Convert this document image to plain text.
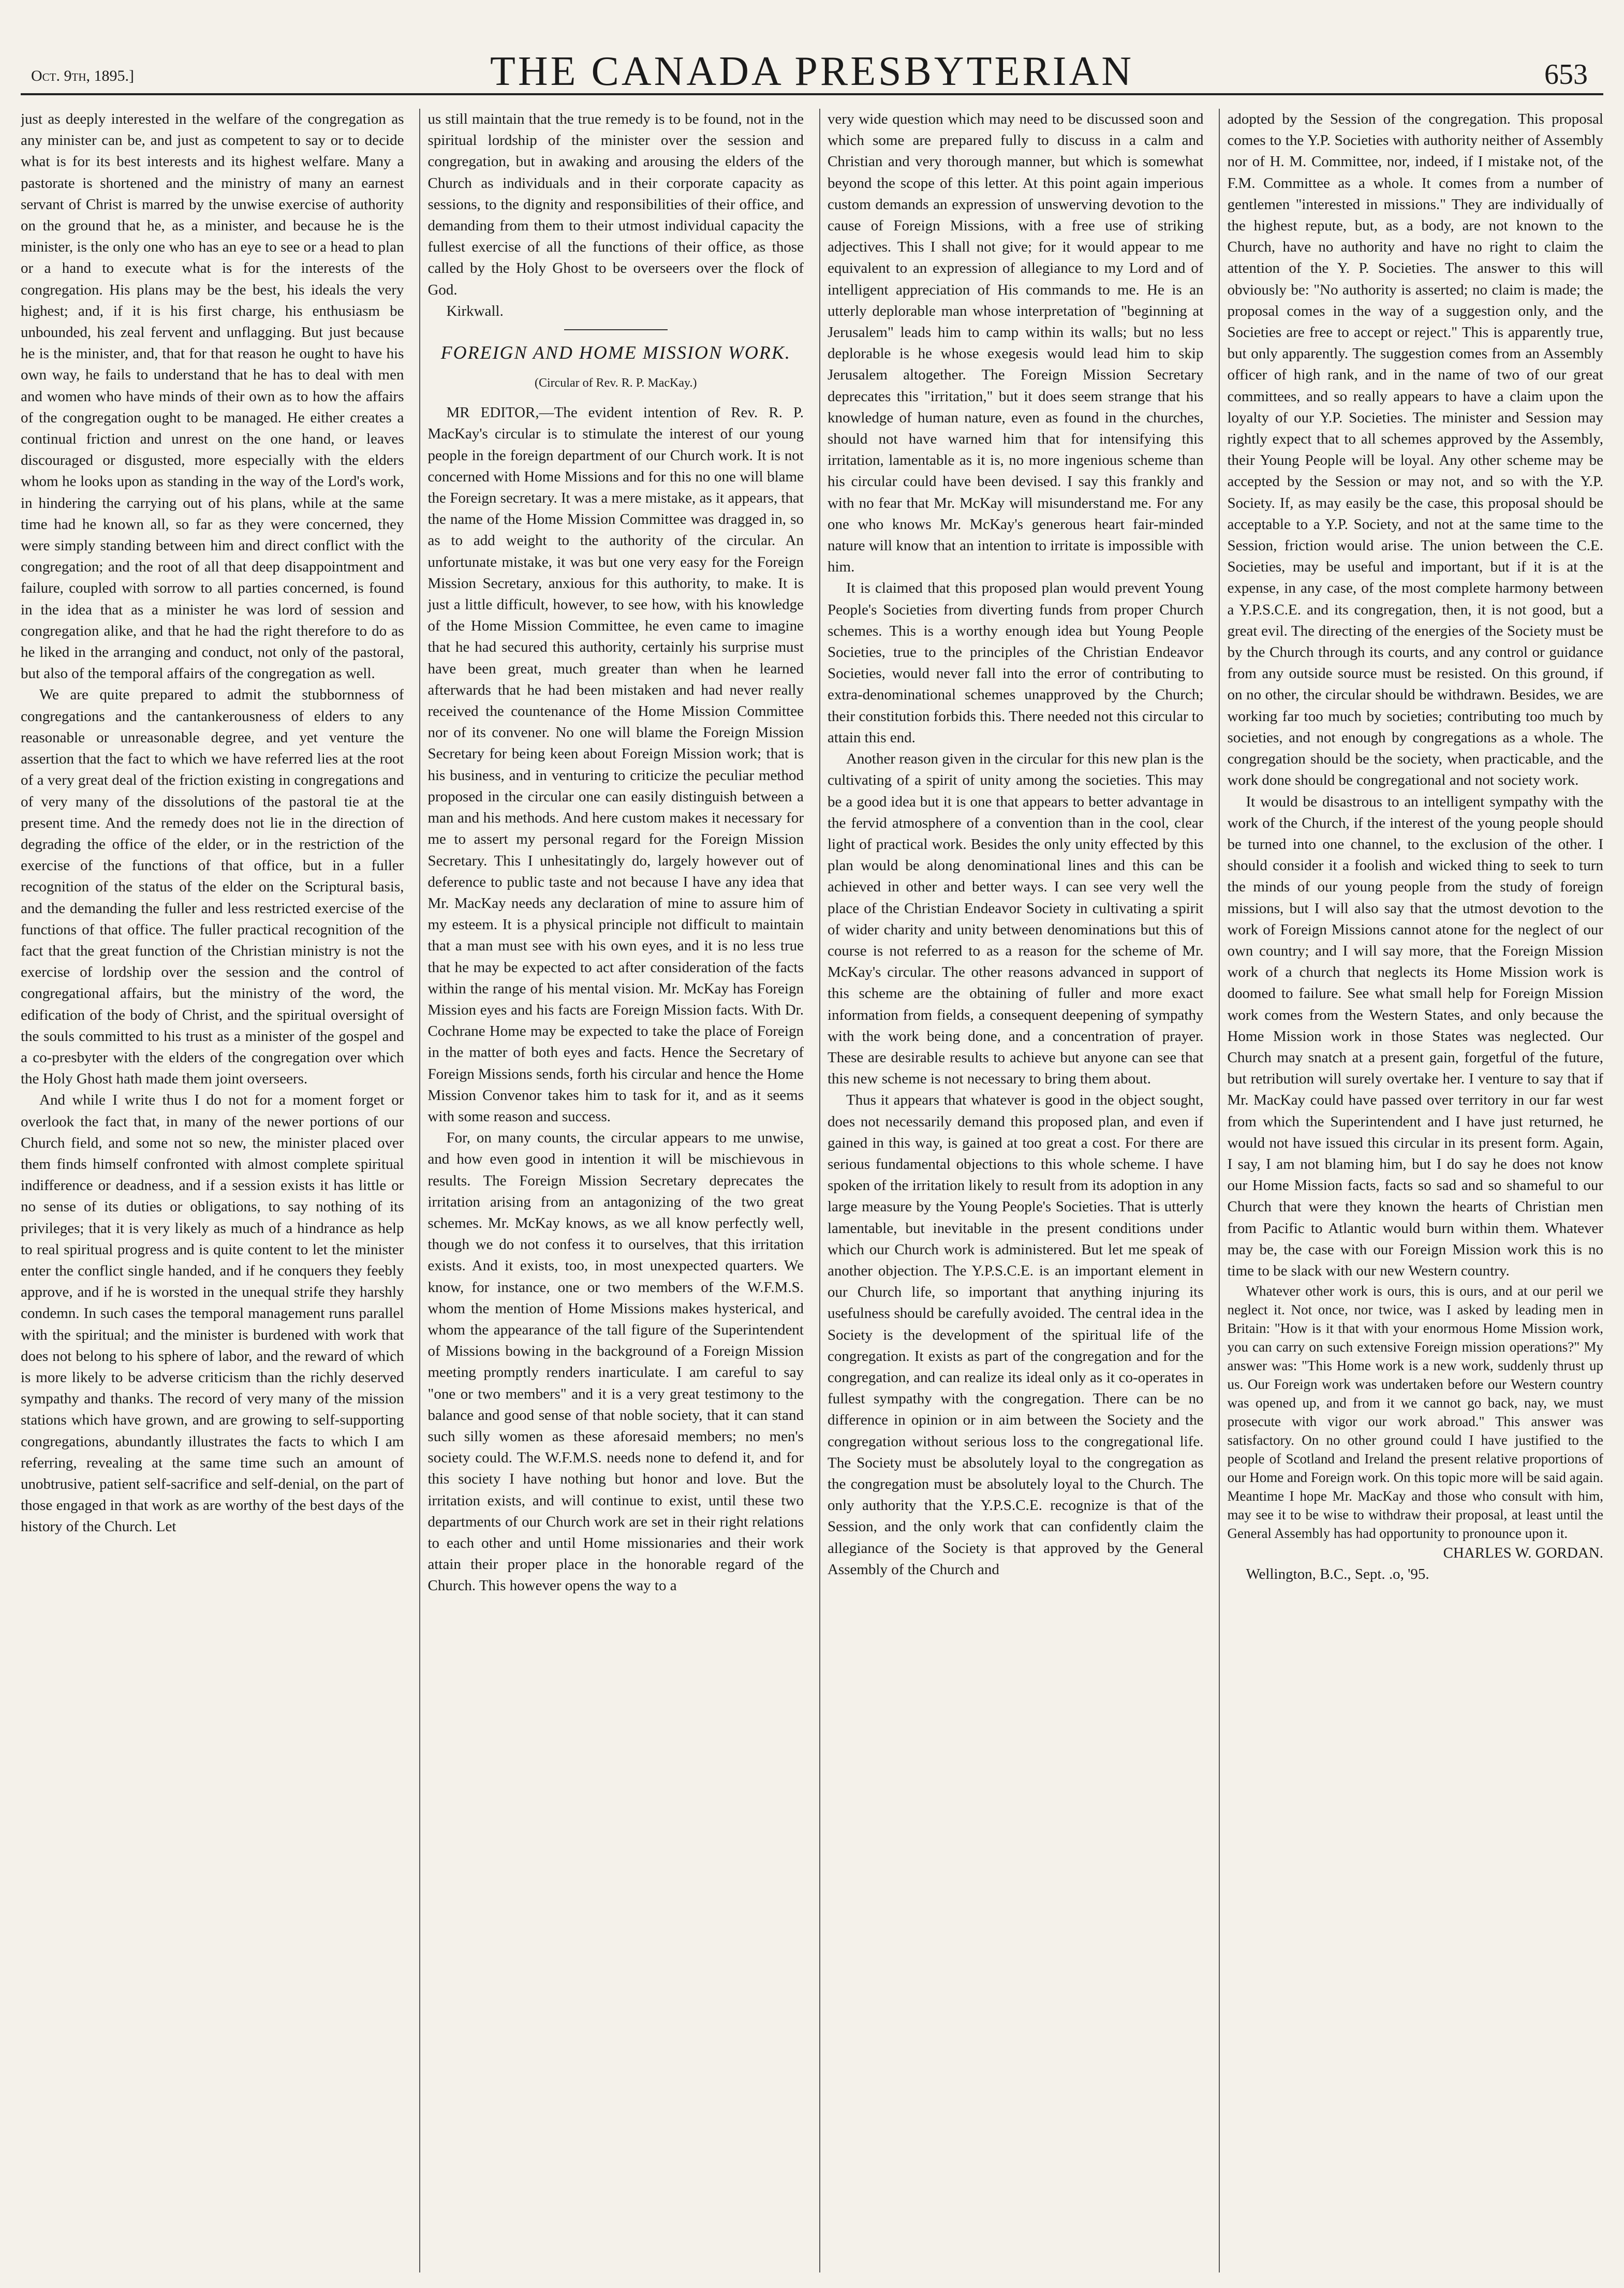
Oct. 9th, 1895.]	THE CANADA PRESBYTERIAN	653

just as deeply interested in the welfare of the congregation as any minister can be, and just as competent to say or to decide what is for its best interests and its highest welfare. Many a pastorate is shortened and the ministry of many an earnest servant of Christ is marred by the unwise exercise of authority on the ground that he, as a minister, and because he is the minister, is the only one who has an eye to see or a head to plan or a hand to execute what is for the interests of the congregation. His plans may be the best, his ideals the very highest; and, if it is his first charge, his enthusiasm be unbounded, his zeal fervent and unflagging. But just because he is the minister, and, that for that reason he ought to have his own way, he fails to understand that he has to deal with men and women who have minds of their own as to how the affairs of the congregation ought to be managed. He either creates a continual friction and unrest on the one hand, or leaves discouraged or disgusted, more especially with the elders whom he looks upon as standing in the way of the Lord's work, in hindering the carrying out of his plans, while at the same time had he known all, so far as they were concerned, they were simply standing between him and direct conflict with the congregation; and the root of all that deep disappointment and failure, coupled with sorrow to all parties concerned, is found in the idea that as a minister he was lord of session and congregation alike, and that he had the right therefore to do as he liked in the arranging and conduct, not only of the pastoral, but also of the temporal affairs of the congregation as well.

We are quite prepared to admit the stubbornness of congregations and the cantankerousness of elders to any reasonable or unreasonable degree, and yet venture the assertion that the fact to which we have referred lies at the root of a very great deal of the friction existing in congregations and of very many of the dissolutions of the pastoral tie at the present time. And the remedy does not lie in the direction of degrading the office of the elder, or in the restriction of the exercise of the functions of that office, but in a fuller recognition of the status of the elder on the Scriptural basis, and the demanding the fuller and less restricted exercise of the functions of that office. The fuller practical recognition of the fact that the great function of the Christian ministry is not the exercise of lordship over the session and the control of congregational affairs, but the ministry of the word, the edification of the body of Christ, and the spiritual oversight of the souls committed to his trust as a minister of the gospel and a co-presbyter with the elders of the congregation over which the Holy Ghost hath made them joint overseers.

And while I write thus I do not for a moment forget or overlook the fact that, in many of the newer portions of our Church field, and some not so new, the minister placed over them finds himself confronted with almost complete spiritual indifference or deadness, and if a session exists it has little or no sense of its duties or obligations, to say nothing of its privileges; that it is very likely as much of a hindrance as help to real spiritual progress and is quite content to let the minister enter the conflict single handed, and if he conquers they feebly approve, and if he is worsted in the unequal strife they harshly condemn. In such cases the temporal management runs parallel with the spiritual; and the minister is burdened with work that does not belong to his sphere of labor, and the reward of which is more likely to be adverse criticism than the richly deserved sympathy and thanks. The record of very many of the mission stations which have grown, and are growing to self-supporting congregations, abundantly illustrates the facts to which I am referring, revealing at the same time such an amount of unobtrusive, patient self-sacrifice and self-denial, on the part of those engaged in that work as are worthy of the best days of the history of the Church. Let

us still maintain that the true remedy is to be found, not in the spiritual lordship of the minister over the session and congregation, but in awaking and arousing the elders of the Church as individuals and in their corporate capacity as sessions, to the dignity and responsibilities of their office, and demanding from them to their utmost individual capacity the fullest exercise of all the functions of their office, as those called by the Holy Ghost to be overseers over the flock of God.

Kirkwall.

FOREIGN AND HOME MISSION WORK.
(Circular of Rev. R. P. MacKay.)

MR EDITOR,—The evident intention of Rev. R. P. MacKay's circular is to stimulate the interest of our young people in the foreign department of our Church work. It is not concerned with Home Missions and for this no one will blame the Foreign secretary. It was a mere mistake, as it appears, that the name of the Home Mission Committee was dragged in, so as to add weight to the authority of the circular. An unfortunate mistake, it was but one very easy for the Foreign Mission Secretary, anxious for this authority, to make. It is just a little difficult, however, to see how, with his knowledge of the Home Mission Committee, he even came to imagine that he had secured this authority, certainly his surprise must have been great, much greater than when he learned afterwards that he had been mistaken and had never really received the countenance of the Home Mission Committee nor of its convener. No one will blame the Foreign Mission Secretary for being keen about Foreign Mission work; that is his business, and in venturing to criticize the peculiar method proposed in the circular one can easily distinguish between a man and his methods. And here custom makes it necessary for me to assert my personal regard for the Foreign Mission Secretary. This I unhesitatingly do, largely however out of deference to public taste and not because I have any idea that Mr. MacKay needs any declaration of mine to assure him of my esteem. It is a physical principle not difficult to maintain that a man must see with his own eyes, and it is no less true that he may be expected to act after consideration of the facts within the range of his mental vision. Mr. McKay has Foreign Mission eyes and his facts are Foreign Mission facts. With Dr. Cochrane Home may be expected to take the place of Foreign in the matter of both eyes and facts. Hence the Secretary of Foreign Missions sends, forth his circular and hence the Home Mission Convenor takes him to task for it, and as it seems with some reason and success.

For, on many counts, the circular appears to me unwise, and how even good in intention it will be mischievous in results. The Foreign Mission Secretary deprecates the irritation arising from an antagonizing of the two great schemes. Mr. McKay knows, as we all know perfectly well, though we do not confess it to ourselves, that this irritation exists. And it exists, too, in most unexpected quarters. We know, for instance, one or two members of the W.F.M.S. whom the mention of Home Missions makes hysterical, and whom the appearance of the tall figure of the Superintendent of Missions bowing in the background of a Foreign Mission meeting promptly renders inarticulate. I am careful to say "one or two members" and it is a very great testimony to the balance and good sense of that noble society, that it can stand such silly women as these aforesaid members; no men's society could. The W.F.M.S. needs none to defend it, and for this society I have nothing but honor and love. But the irritation exists, and will continue to exist, until these two departments of our Church work are set in their right relations to each other and until Home missionaries and their work attain their proper place in the honorable regard of the Church. This however opens the way to a

very wide question which may need to be discussed soon and which some are prepared fully to discuss in a calm and Christian and very thorough manner, but which is somewhat beyond the scope of this letter. At this point again imperious custom demands an expression of unswerving devotion to the cause of Foreign Missions, with a free use of striking adjectives. This I shall not give; for it would appear to me equivalent to an expression of allegiance to my Lord and of intelligent appreciation of His commands to me. He is an utterly deplorable man whose interpretation of "beginning at Jerusalem" leads him to camp within its walls; but no less deplorable is he whose exegesis would lead him to skip Jerusalem altogether. The Foreign Mission Secretary deprecates this "irritation," but it does seem strange that his knowledge of human nature, even as found in the churches, should not have warned him that for intensifying this irritation, lamentable as it is, no more ingenious scheme than his circular could have been devised. I say this frankly and with no fear that Mr. McKay will misunderstand me. For any one who knows Mr. McKay's generous heart fair-minded nature will know that an intention to irritate is impossible with him.

It is claimed that this proposed plan would prevent Young People's Societies from diverting funds from proper Church schemes. This is a worthy enough idea but Young People Societies, true to the principles of the Christian Endeavor Societies, would never fall into the error of contributing to extra-denominational schemes unapproved by the Church; their constitution forbids this. There needed not this circular to attain this end.

Another reason given in the circular for this new plan is the cultivating of a spirit of unity among the societies. This may be a good idea but it is one that appears to better advantage in the fervid atmosphere of a convention than in the cool, clear light of practical work. Besides the only unity effected by this plan would be along denominational lines and this can be achieved in other and better ways. I can see very well the place of the Christian Endeavor Society in cultivating a spirit of wider charity and unity between denominations but this of course is not referred to as a reason for the scheme of Mr. McKay's circular. The other reasons advanced in support of this scheme are the obtaining of fuller and more exact information from fields, a consequent deepening of sympathy with the work being done, and a concentration of prayer. These are desirable results to achieve but anyone can see that this new scheme is not necessary to bring them about.

Thus it appears that whatever is good in the object sought, does not necessarily demand this proposed plan, and even if gained in this way, is gained at too great a cost. For there are serious fundamental objections to this whole scheme. I have spoken of the irritation likely to result from its adoption in any large measure by the Young People's Societies. That is utterly lamentable, but inevitable in the present conditions under which our Church work is administered. But let me speak of another objection. The Y.P.S.C.E. is an important element in our Church life, so important that anything injuring its usefulness should be carefully avoided. The central idea in the Society is the development of the spiritual life of the congregation. It exists as part of the congregation and for the congregation, and can realize its ideal only as it co-operates in fullest sympathy with the congregation. There can be no difference in opinion or in aim between the Society and the congregation without serious loss to the congregational life. The Society must be absolutely loyal to the congregation as the congregation must be absolutely loyal to the Church. The only authority that the Y.P.S.C.E. recognize is that of the Session, and the only work that can confidently claim the allegiance of the Society is that approved by the General Assembly of the Church and

adopted by the Session of the congregation. This proposal comes to the Y.P. Societies with authority neither of Assembly nor of H. M. Committee, nor, indeed, if I mistake not, of the F.M. Committee as a whole. It comes from a number of gentlemen "interested in missions." They are individually of the highest repute, but, as a body, are not known to the Church, have no authority and have no right to claim the attention of the Y. P. Societies. The answer to this will obviously be: "No authority is asserted; no claim is made; the proposal comes in the way of a suggestion only, and the Societies are free to accept or reject." This is apparently true, but only apparently. The suggestion comes from an Assembly officer of high rank, and in the name of two of our great committees, and so really appears to have a claim upon the loyalty of our Y.P. Societies. The minister and Session may rightly expect that to all schemes approved by the Assembly, their Young People will be loyal. Any other scheme may be accepted by the Session or may not, and so with the Y.P. Society. If, as may easily be the case, this proposal should be acceptable to a Y.P. Society, and not at the same time to the Session, friction would arise. The union between the C.E. Societies, may be useful and important, but if it is at the expense, in any case, of the most complete harmony between a Y.P.S.C.E. and its congregation, then, it is not good, but a great evil. The directing of the energies of the Society must be by the Church through its courts, and any control or guidance from any outside source must be resisted. On this ground, if on no other, the circular should be withdrawn. Besides, we are working far too much by societies; contributing too much by societies, and not enough by congregations as a whole. The congregation should be the society, when practicable, and the work done should be congregational and not society work.

It would be disastrous to an intelligent sympathy with the work of the Church, if the interest of the young people should be turned into one channel, to the exclusion of the other. I should consider it a foolish and wicked thing to seek to turn the minds of our young people from the study of foreign missions, but I will also say that the utmost devotion to the work of Foreign Missions cannot atone for the neglect of our own country; and I will say more, that the Foreign Mission work of a church that neglects its Home Mission work is doomed to failure. See what small help for Foreign Mission work comes from the Western States, and only because the Home Mission work in those States was neglected. Our Church may snatch at a present gain, forgetful of the future, but retribution will surely overtake her. I venture to say that if Mr. MacKay could have passed over territory in our far west from which the Superintendent and I have just returned, he would not have issued this circular in its present form. Again, I say, I am not blaming him, but I do say he does not know our Home Mission facts, facts so sad and so shameful to our Church that were they known the hearts of Christian men from Pacific to Atlantic would burn within them. Whatever may be, the case with our Foreign Mission work this is no time to be slack with our new Western country.

Whatever other work is ours, this is ours, and at our peril we neglect it. Not once, nor twice, was I asked by leading men in Britain: "How is it that with your enormous Home Mission work, you can carry on such extensive Foreign mission operations?" My answer was: "This Home work is a new work, suddenly thrust up us. Our Foreign work was undertaken before our Western country was opened up, and from it we cannot go back, nay, we must prosecute with vigor our work abroad." This answer was satisfactory. On no other ground could I have justified to the people of Scotland and Ireland the present relative proportions of our Home and Foreign work. On this topic more will be said again. Meantime I hope Mr. MacKay and those who consult with him, may see it to be wise to withdraw their proposal, at least until the General Assembly has had opportunity to pronounce upon it.

CHARLES W. GORDAN.

Wellington, B.C., Sept. .o, '95.
